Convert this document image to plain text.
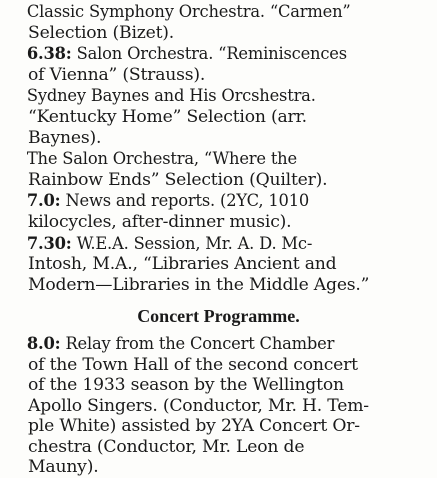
Classic Symphony Orchestra. “Carmen”
Selection (Bizet).

6.38: Salon Orchestra. “Reminiscences
of Vienna” (Strauss).

Sydney Baynes and His Orcshestra.
“Kentucky Home” Selection (arr.
Baynes).

The Salon Orchestra, “Where the
Rainbow Ends” Selection (Quilter).

7.0: News and reports. (2YC, 1010
kilocycles, after-dinner music).

7.30: W.E.A. Session, Mr. A. D. Mc-
Intosh, M.A., “Libraries Ancient and
Modern—Libraries in the Middle Ages.”

Concert Programme.

8.0: Relay from the Concert Chamber
of the Town Hall of the second concert
of the 1933 season by the Wellington
Apollo Singers. (Conductor, Mr. H. Tem-
ple White) assisted by 2YA Concert Or-
chestra (Conductor, Mr. Leon de
Mauny).
